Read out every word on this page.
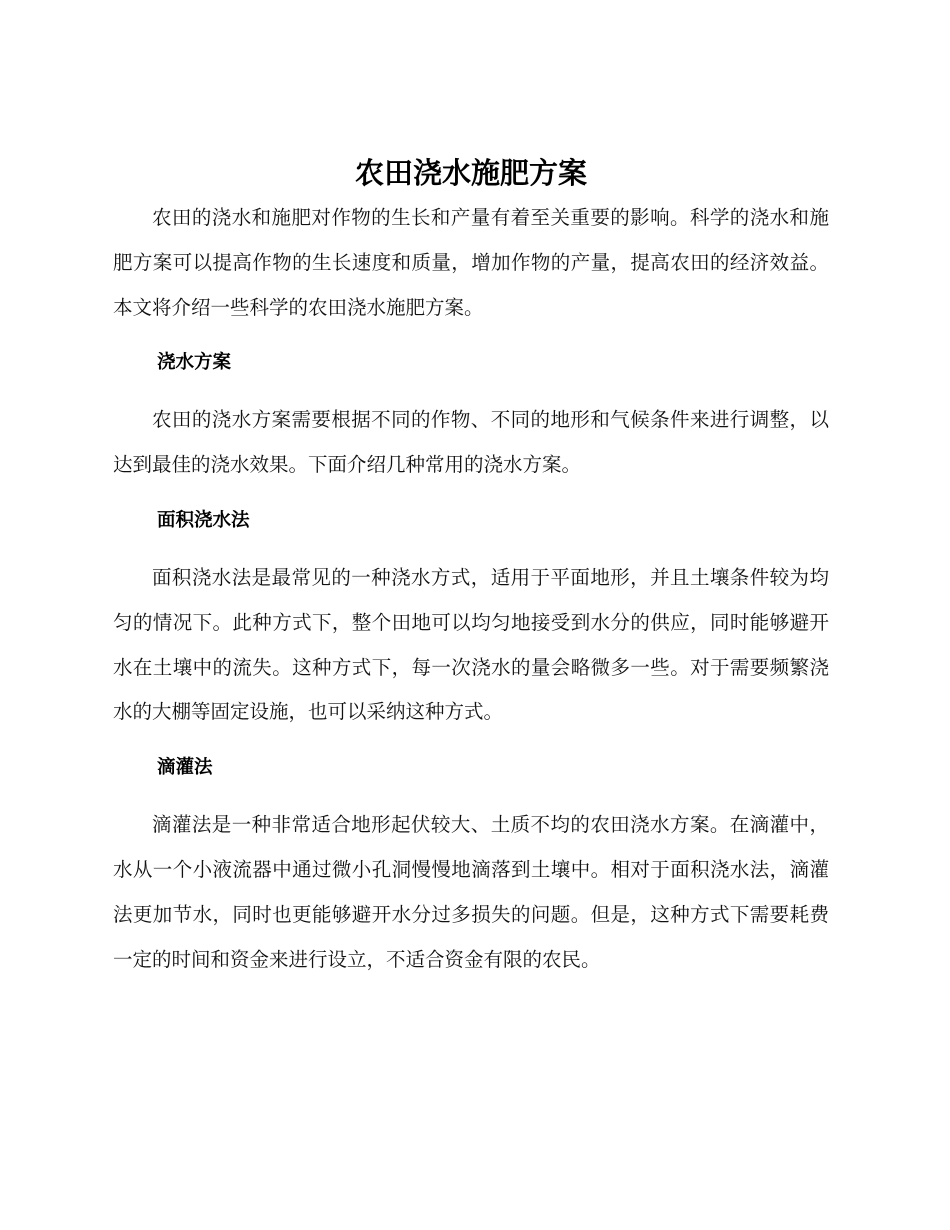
农田浇水施肥方案

农田的浇水和施肥对作物的生长和产量有着至关重要的影响。科学的浇水和施肥方案可以提高作物的生长速度和质量，增加作物的产量，提高农田的经济效益。本文将介绍一些科学的农田浇水施肥方案。

浇水方案

农田的浇水方案需要根据不同的作物、不同的地形和气候条件来进行调整，以达到最佳的浇水效果。下面介绍几种常用的浇水方案。

面积浇水法

面积浇水法是最常见的一种浇水方式，适用于平面地形，并且土壤条件较为均匀的情况下。此种方式下，整个田地可以均匀地接受到水分的供应，同时能够避开水在土壤中的流失。这种方式下，每一次浇水的量会略微多一些。对于需要频繁浇水的大棚等固定设施，也可以采纳这种方式。

滴灌法

滴灌法是一种非常适合地形起伏较大、土质不均的农田浇水方案。在滴灌中，水从一个小液流器中通过微小孔洞慢慢地滴落到土壤中。相对于面积浇水法，滴灌法更加节水，同时也更能够避开水分过多损失的问题。但是，这种方式下需要耗费一定的时间和资金来进行设立，不适合资金有限的农民。
